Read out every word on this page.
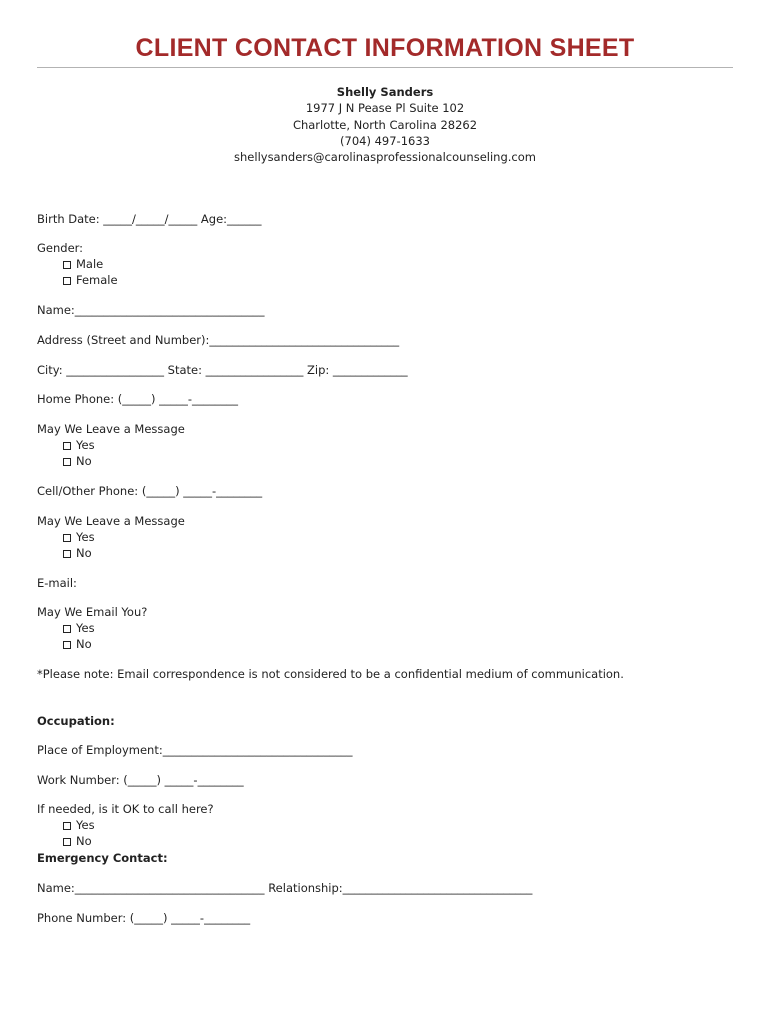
CLIENT CONTACT INFORMATION SHEET
Shelly Sanders
1977 J N Pease Pl Suite 102
Charlotte, North Carolina 28262
(704) 497-1633
shellysanders@carolinasprofessionalcounseling.com
Birth Date: _____/_____/_____ Age:______
Gender:
Male
Female
Name:_________________________________
Address (Street and Number):_________________________________
City: _________________ State: _________________ Zip: _____________
Home Phone: (_____) _____-________
May We Leave a Message
Yes
No
Cell/Other Phone: (_____) _____-________
May We Leave a Message
Yes
No
E-mail:
May We Email You?
Yes
No
*Please note: Email correspondence is not considered to be a confidential medium of communication.
Occupation:
Place of Employment:_________________________________
Work Number: (_____) _____-________
If needed, is it OK to call here?
Yes
No
Emergency Contact:
Name:_________________________________ Relationship:_________________________________
Phone Number: (_____) _____-________
